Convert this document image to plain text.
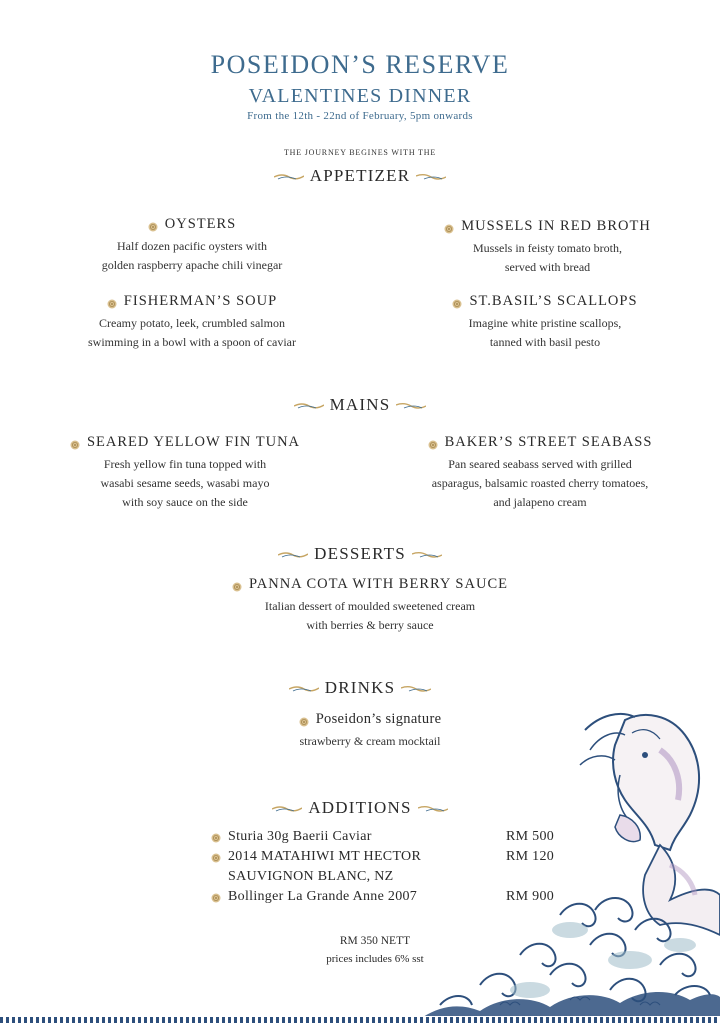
POSEIDON’S RESERVE
VALENTINES DINNER
From the 12th - 22nd of February, 5pm onwards
THE JOURNEY BEGINES WITH THE
APPETIZER
OYSTERS
Half dozen pacific oysters with
golden raspberry apache chili vinegar
MUSSELS IN RED BROTH
Mussels in feisty tomato broth,
served with bread
FISHERMAN’S SOUP
Creamy potato, leek, crumbled salmon
swimming in a bowl with a spoon of caviar
ST.BASIL’S SCALLOPS
Imagine white pristine scallops,
tanned with basil pesto
MAINS
SEARED YELLOW FIN TUNA
Fresh yellow fin tuna topped with
wasabi sesame seeds, wasabi mayo
with soy sauce on the side
BAKER’S STREET SEABASS
Pan seared seabass served with grilled
asparagus, balsamic roasted cherry tomatoes,
and jalapeno cream
DESSERTS
PANNA COTA WITH BERRY SAUCE
Italian dessert of moulded sweetened cream
with berries & berry sauce
DRINKS
Poseidon’s signature
strawberry & cream mocktail
ADDITIONS
Sturia 30g Baerii Caviar	RM 500
2014 MATAHIWI MT HECTOR	RM 120
SAUVIGNON BLANC, NZ
Bollinger La Grande Anne 2007	RM 900
RM 350 NETT
prices includes 6% sst
